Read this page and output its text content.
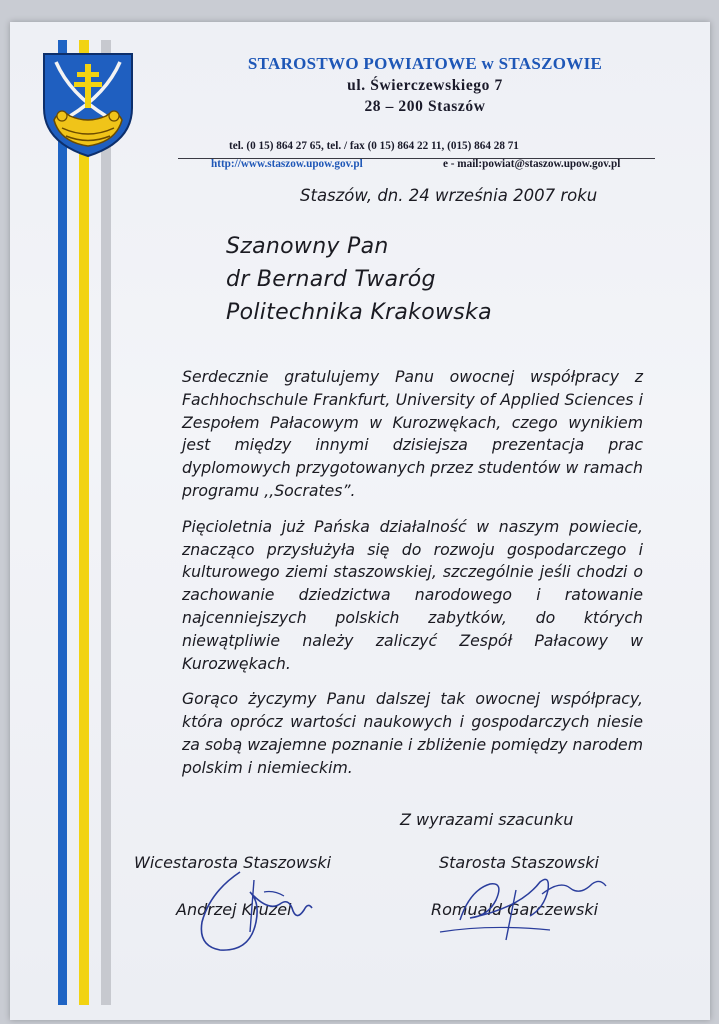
STAROSTWO POWIATOWE w STASZOWIE
ul. Świerczewskiego 7
28 – 200 Staszów
tel. (0 15) 864 27 65, tel. / fax (0 15) 864 22 11, (015) 864 28 71
http://www.staszow.upow.gov.pl	e - mail:powiat@staszow.upow.gov.pl
Staszów, dn. 24 września 2007 roku
Szanowny Pan
dr Bernard Twaróg
Politechnika Krakowska

Serdecznie gratulujemy Panu owocnej współpracy z Fachhochschule Frankfurt, University of Applied Sciences i Zespołem Pałacowym w Kurozwękach, czego wynikiem jest między innymi dzisiejsza prezentacja prac dyplomowych przygotowanych przez studentów w ramach programu ,,Socrates”.

Pięcioletnia już Pańska działalność w naszym powiecie, znacząco przysłużyła się do rozwoju gospodarczego i kulturowego ziemi staszowskiej, szczególnie jeśli chodzi o zachowanie dziedzictwa narodowego i ratowanie najcenniejszych polskich zabytków, do których niewątpliwie należy zaliczyć Zespół Pałacowy w Kurozwękach.

Gorąco życzymy Panu dalszej tak owocnej współpracy, która oprócz wartości naukowych i gospodarczych niesie za sobą wzajemne poznanie i zbliżenie pomiędzy narodem polskim i niemieckim.

Z wyrazami szacunku
Wicestarosta Staszowski	Starosta Staszowski
Andrzej Kruzel	Romuald Garczewski
